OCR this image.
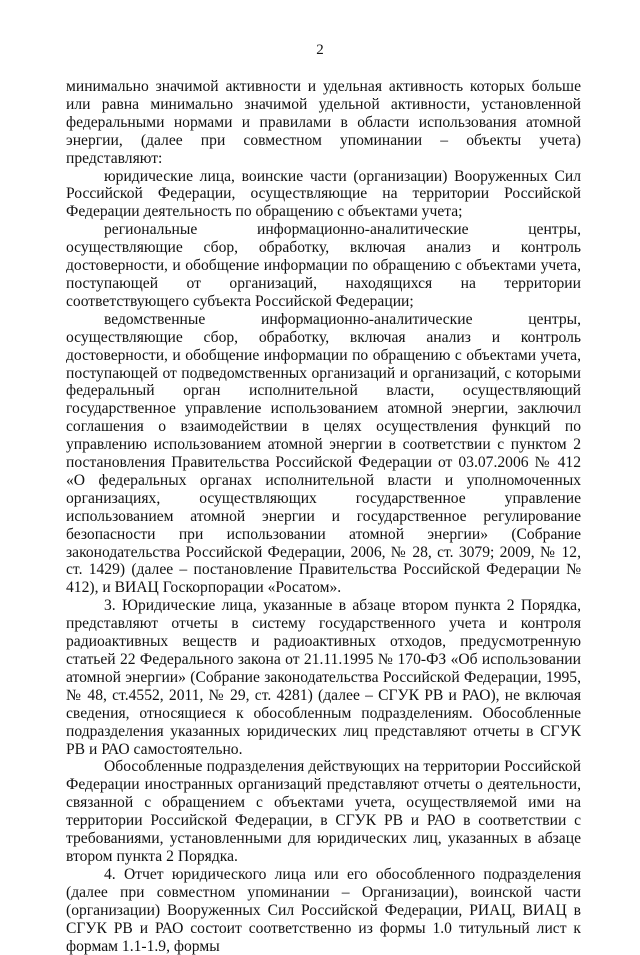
2

минимально значимой активности и удельная активность которых больше или равна минимально значимой удельной активности, установленной федеральными нормами и правилами в области использования атомной энергии, (далее при совместном упоминании – объекты учета) представляют:

юридические лица, воинские части (организации) Вооруженных Сил Российской Федерации, осуществляющие на территории Российской Федерации деятельность по обращению с объектами учета;

региональные информационно-аналитические центры, осуществляющие сбор, обработку, включая анализ и контроль достоверности, и обобщение информации по обращению с объектами учета, поступающей от организаций, находящихся на территории соответствующего субъекта Российской Федерации;

ведомственные информационно-аналитические центры, осуществляющие сбор, обработку, включая анализ и контроль достоверности, и обобщение информации по обращению с объектами учета, поступающей от подведомственных организаций и организаций, с которыми федеральный орган исполнительной власти, осуществляющий государственное управление использованием атомной энергии, заключил соглашения о взаимодействии в целях осуществления функций по управлению использованием атомной энергии в соответствии с пунктом 2 постановления Правительства Российской Федерации от 03.07.2006 № 412 «О федеральных органах исполнительной власти и уполномоченных организациях, осуществляющих государственное управление использованием атомной энергии и государственное регулирование безопасности при использовании атомной энергии» (Собрание законодательства Российской Федерации, 2006, № 28, ст. 3079; 2009, № 12, ст. 1429) (далее – постановление Правительства Российской Федерации № 412), и ВИАЦ Госкорпорации «Росатом».

3. Юридические лица, указанные в абзаце втором пункта 2 Порядка, представляют отчеты в систему государственного учета и контроля радиоактивных веществ и радиоактивных отходов, предусмотренную статьей 22 Федерального закона от 21.11.1995 № 170-ФЗ «Об использовании атомной энергии» (Собрание законодательства Российской Федерации, 1995, № 48, ст.4552, 2011, № 29, ст. 4281) (далее – СГУК РВ и РАО), не включая сведения, относящиеся к обособленным подразделениям. Обособленные подразделения указанных юридических лиц представляют отчеты в СГУК РВ и РАО самостоятельно.

Обособленные подразделения действующих на территории Российской Федерации иностранных организаций представляют отчеты о деятельности, связанной с обращением с объектами учета, осуществляемой ими на территории Российской Федерации, в СГУК РВ и РАО в соответствии с требованиями, установленными для юридических лиц, указанных в абзаце втором пункта 2 Порядка.

4. Отчет юридического лица или его обособленного подразделения (далее при совместном упоминании – Организации), воинской части (организации) Вооруженных Сил Российской Федерации, РИАЦ, ВИАЦ в СГУК РВ и РАО состоит соответственно из формы 1.0 титульный лист к формам 1.1-1.9, формы
